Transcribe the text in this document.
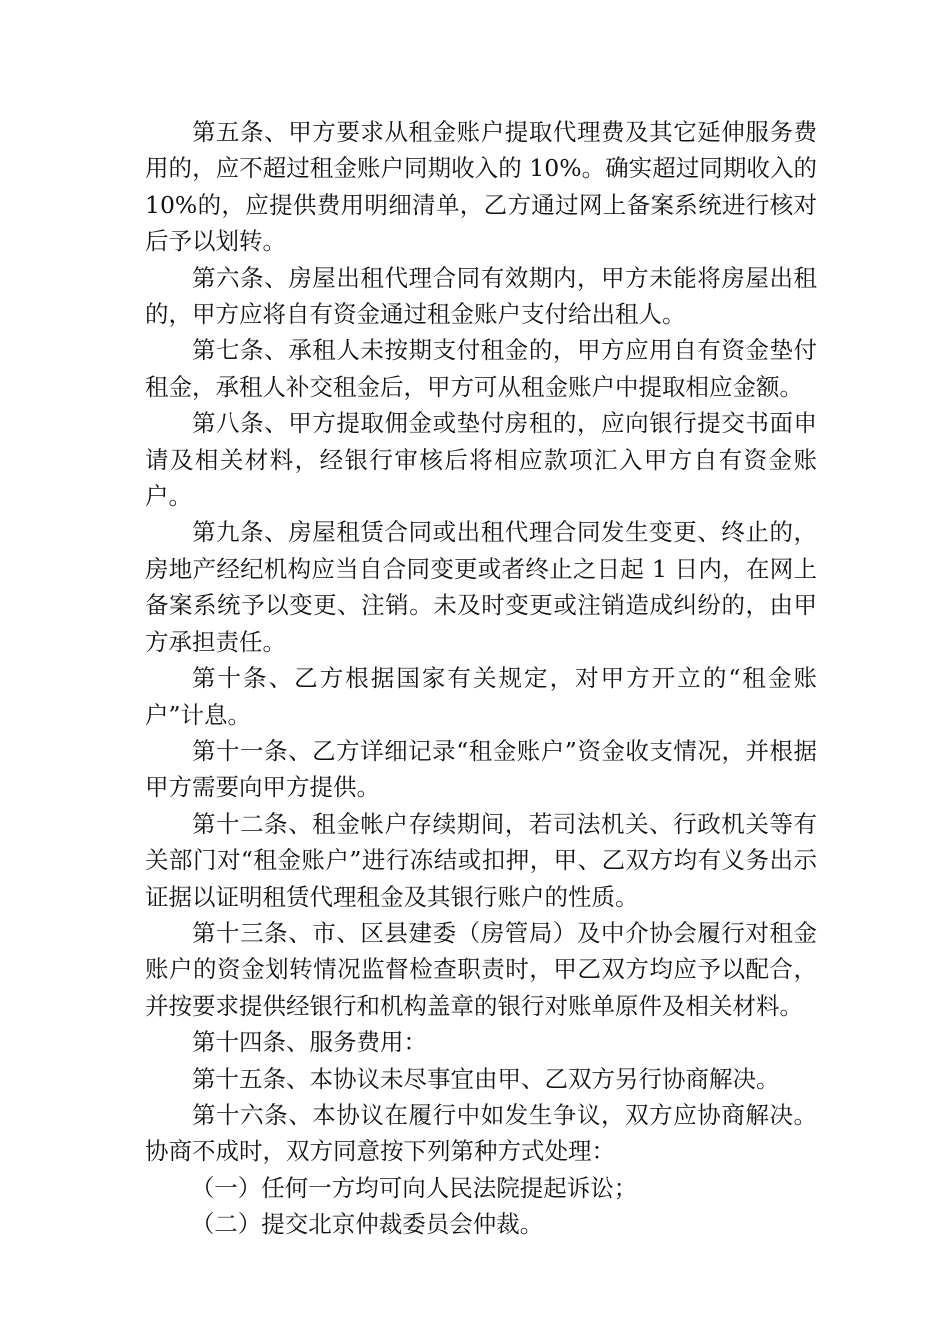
第五条、甲方要求从租金账户提取代理费及其它延伸服务费用的，应不超过租金账户同期收入的 10%。确实超过同期收入的 10%的，应提供费用明细清单，乙方通过网上备案系统进行核对后予以划转。

第六条、房屋出租代理合同有效期内，甲方未能将房屋出租的，甲方应将自有资金通过租金账户支付给出租人。

第七条、承租人未按期支付租金的，甲方应用自有资金垫付租金，承租人补交租金后，甲方可从租金账户中提取相应金额。

第八条、甲方提取佣金或垫付房租的，应向银行提交书面申请及相关材料，经银行审核后将相应款项汇入甲方自有资金账户。

第九条、房屋租赁合同或出租代理合同发生变更、终止的，房地产经纪机构应当自合同变更或者终止之日起 1 日内，在网上备案系统予以变更、注销。未及时变更或注销造成纠纷的，由甲方承担责任。

第十条、乙方根据国家有关规定，对甲方开立的“租金账户”计息。

第十一条、乙方详细记录“租金账户”资金收支情况，并根据甲方需要向甲方提供。

第十二条、租金帐户存续期间，若司法机关、行政机关等有关部门对“租金账户”进行冻结或扣押，甲、乙双方均有义务出示证据以证明租赁代理租金及其银行账户的性质。

第十三条、市、区县建委（房管局）及中介协会履行对租金账户的资金划转情况监督检查职责时，甲乙双方均应予以配合，并按要求提供经银行和机构盖章的银行对账单原件及相关材料。

第十四条、服务费用：

第十五条、本协议未尽事宜由甲、乙双方另行协商解决。

第十六条、本协议在履行中如发生争议，双方应协商解决。协商不成时，双方同意按下列第种方式处理：

（一）任何一方均可向人民法院提起诉讼；

（二）提交北京仲裁委员会仲裁。
